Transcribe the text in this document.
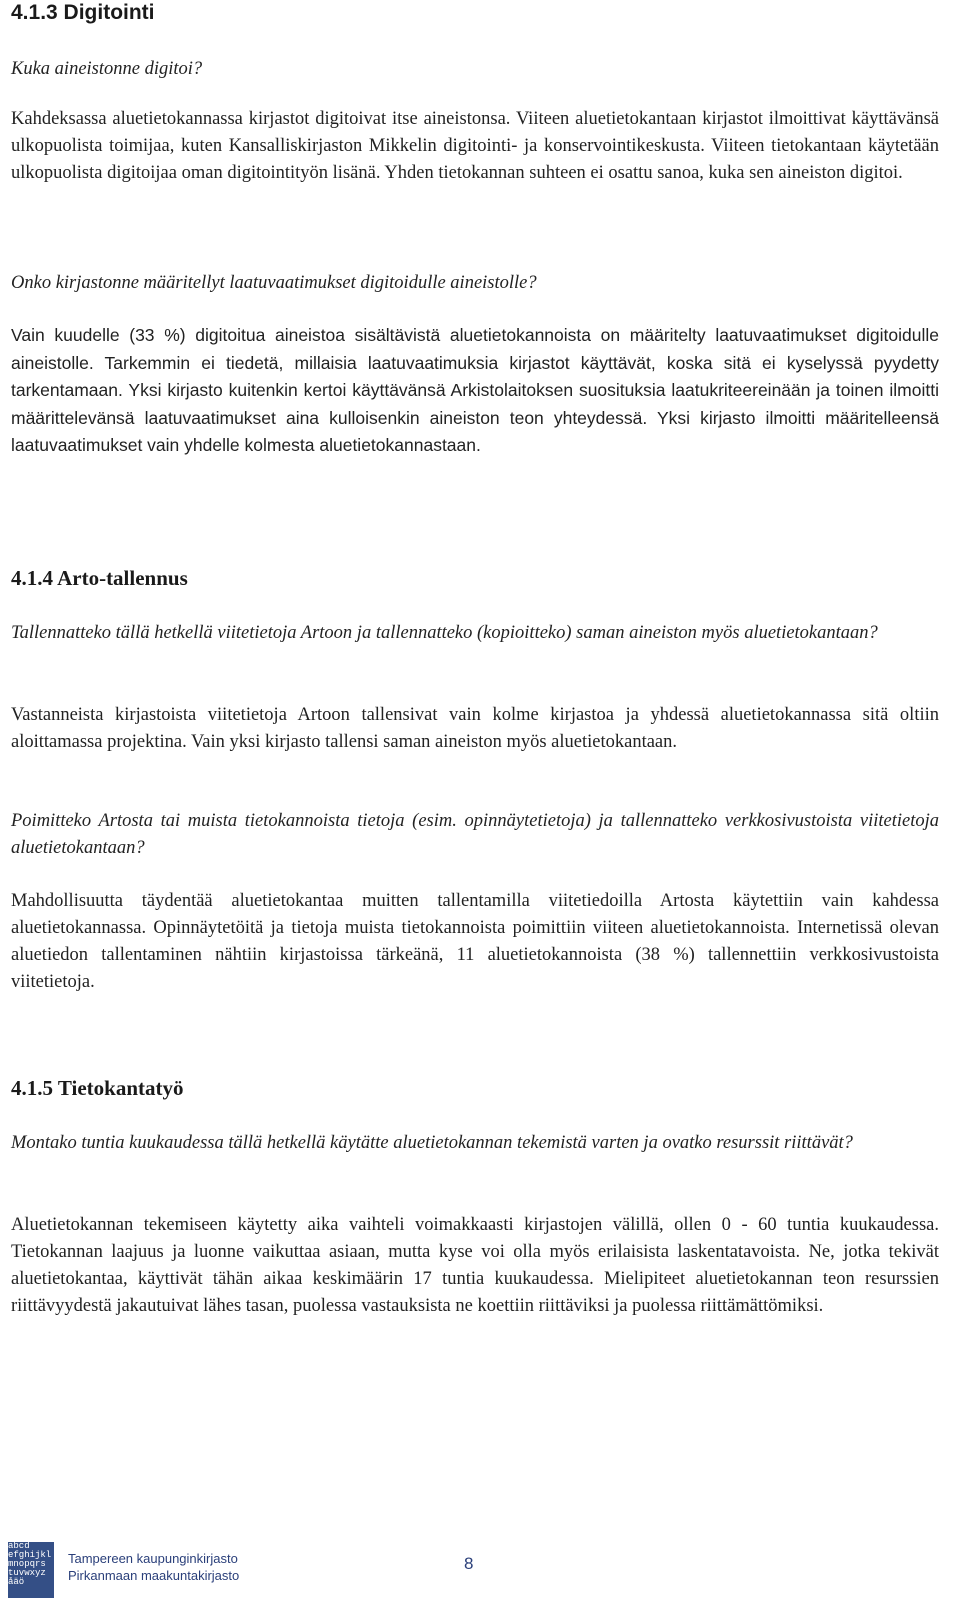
4.1.3 Digitointi

Kuka aineistonne digitoi?

Kahdeksassa aluetietokannassa kirjastot digitoivat itse aineistonsa. Viiteen aluetietokantaan kirjastot ilmoittivat käyttävänsä ulkopuolista toimijaa, kuten Kansalliskirjaston Mikkelin digitointi- ja konservointikeskusta. Viiteen tietokantaan käytetään ulkopuolista digitoijaa oman digitointityön lisänä. Yhden tietokannan suhteen ei osattu sanoa, kuka sen aineiston digitoi.

Onko kirjastonne määritellyt laatuvaatimukset digitoidulle aineistolle?

Vain kuudelle (33 %) digitoitua aineistoa sisältävistä aluetietokannoista on määritelty laatuvaatimukset digitoidulle aineistolle. Tarkemmin ei tiedetä, millaisia laatuvaatimuksia kirjastot käyttävät, koska sitä ei kyselyssä pyydetty tarkentamaan. Yksi kirjasto kuitenkin kertoi käyttävänsä Arkistolaitoksen suosituksia laatukriteereinään ja toinen ilmoitti määrittelevänsä laatuvaatimukset aina kulloisenkin aineiston teon yhteydessä. Yksi kirjasto ilmoitti määritelleensä laatuvaatimukset vain yhdelle kolmesta aluetietokannastaan.

4.1.4 Arto-tallennus

Tallennatteko tällä hetkellä viitetietoja Artoon ja tallennatteko (kopioitteko) saman aineiston myös aluetietokantaan?

Vastanneista kirjastoista viitetietoja Artoon tallensivat vain kolme kirjastoa ja yhdessä aluetietokannassa sitä oltiin aloittamassa projektina. Vain yksi kirjasto tallensi saman aineiston myös aluetietokantaan.

Poimitteko Artosta tai muista tietokannoista tietoja (esim. opinnäytetietoja) ja tallennatteko verkkosivustoista viitetietoja aluetietokantaan?

Mahdollisuutta täydentää aluetietokantaa muitten tallentamilla viitetiedoilla Artosta käytettiin vain kahdessa aluetietokannassa. Opinnäytetöitä ja tietoja muista tietokannoista poimittiin viiteen aluetietokannoista. Internetissä olevan aluetiedon tallentaminen nähtiin kirjastoissa tärkeänä, 11 aluetietokannoista (38 %) tallennettiin verkkosivustoista viitetietoja.

4.1.5 Tietokantatyö

Montako tuntia kuukaudessa tällä hetkellä käytätte aluetietokannan tekemistä varten ja ovatko resurssit riittävät?

Aluetietokannan tekemiseen käytetty aika vaihteli voimakkaasti kirjastojen välillä, ollen 0 - 60 tuntia kuukaudessa. Tietokannan laajuus ja luonne vaikuttaa asiaan, mutta kyse voi olla myös erilaisista laskentatavoista. Ne, jotka tekivät aluetietokantaa, käyttivät tähän aikaa keskimäärin 17 tuntia kuukaudessa. Mielipiteet aluetietokannan teon resurssien riittävyydestä jakautuivat lähes tasan, puolessa vastauksista ne koettiin riittäviksi ja puolessa riittämättömiksi.

abcd efghijkl mnopqrs tuvwxyz åäö
Tampereen kaupunginkirjasto
Pirkanmaan maakuntakirjasto
8
